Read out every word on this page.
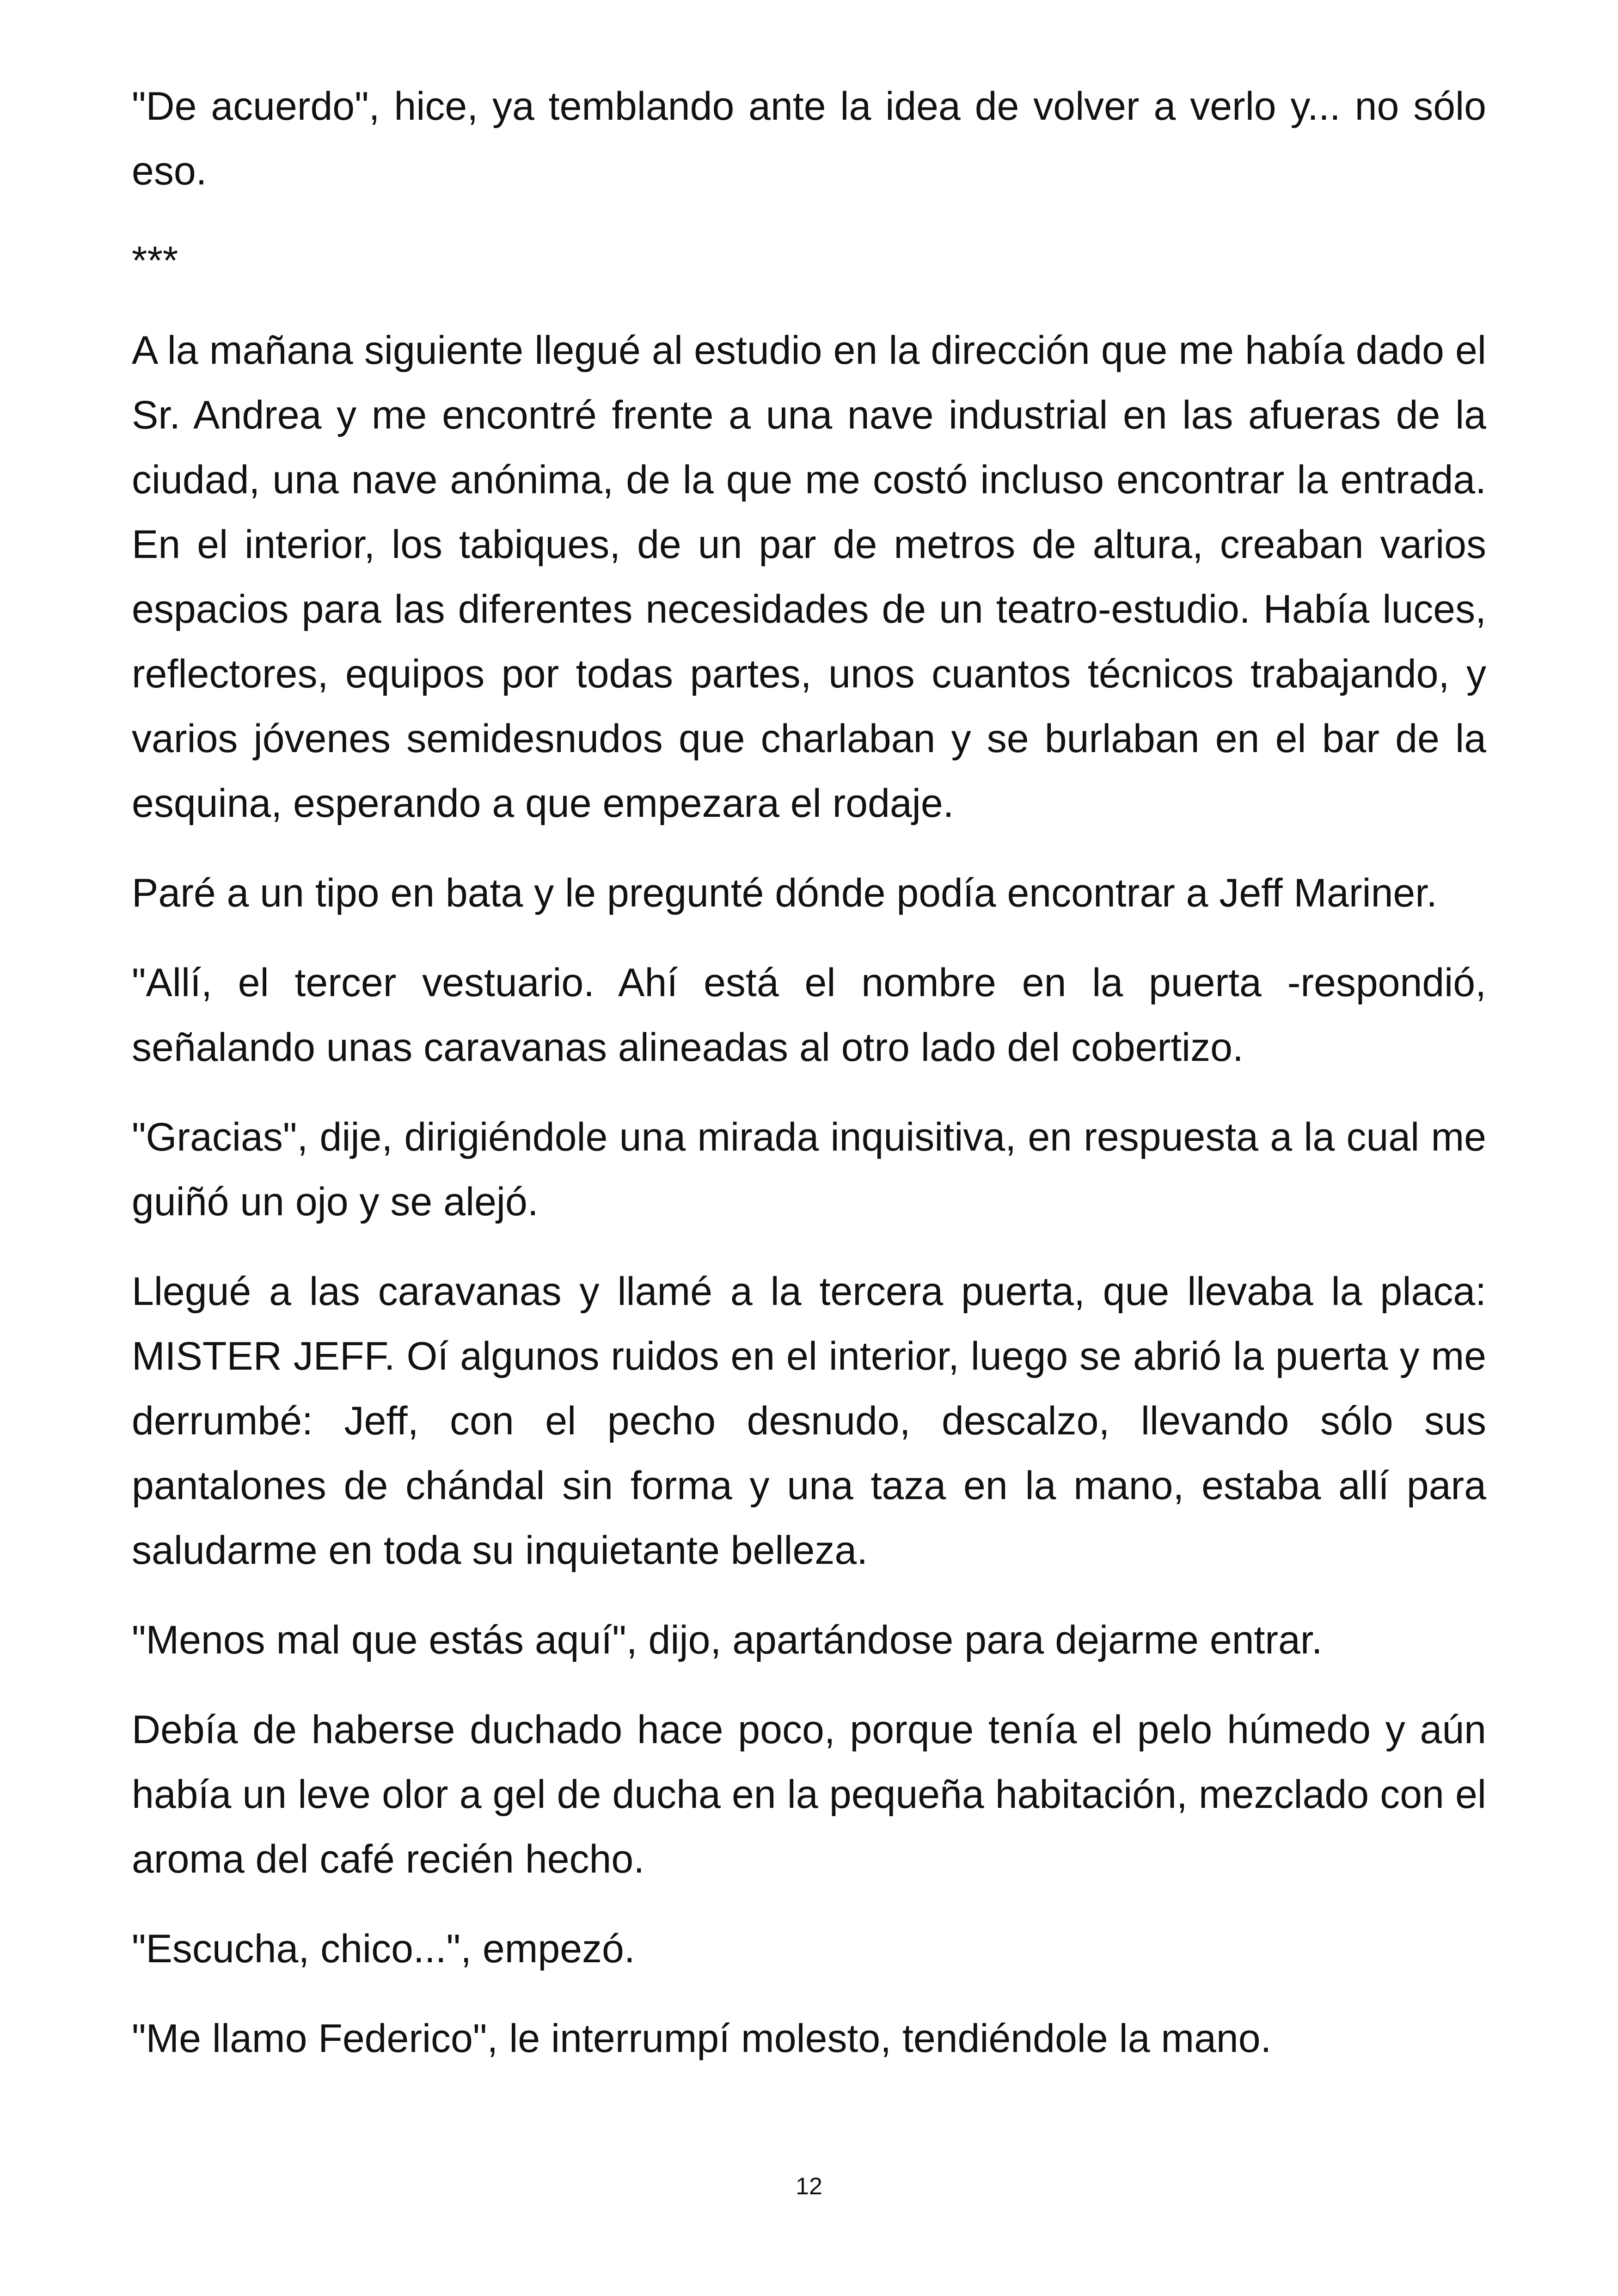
"De acuerdo", hice, ya temblando ante la idea de volver a verlo y... no sólo eso.

***

A la mañana siguiente llegué al estudio en la dirección que me había dado el Sr. Andrea y me encontré frente a una nave industrial en las afueras de la ciudad, una nave anónima, de la que me costó incluso encontrar la entrada. En el interior, los tabiques, de un par de metros de altura, creaban varios espacios para las diferentes necesidades de un teatro-estudio. Había luces, reflectores, equipos por todas partes, unos cuantos técnicos trabajando, y varios jóvenes semidesnudos que charlaban y se burlaban en el bar de la esquina, esperando a que empezara el rodaje.

Paré a un tipo en bata y le pregunté dónde podía encontrar a Jeff Mariner.

"Allí, el tercer vestuario. Ahí está el nombre en la puerta -respondió, señalando unas caravanas alineadas al otro lado del cobertizo.

"Gracias", dije, dirigiéndole una mirada inquisitiva, en respuesta a la cual me guiñó un ojo y se alejó.

Llegué a las caravanas y llamé a la tercera puerta, que llevaba la placa: MISTER JEFF. Oí algunos ruidos en el interior, luego se abrió la puerta y me derrumbé: Jeff, con el pecho desnudo, descalzo, llevando sólo sus pantalones de chándal sin forma y una taza en la mano, estaba allí para saludarme en toda su inquietante belleza.

"Menos mal que estás aquí", dijo, apartándose para dejarme entrar.

Debía de haberse duchado hace poco, porque tenía el pelo húmedo y aún había un leve olor a gel de ducha en la pequeña habitación, mezclado con el aroma del café recién hecho.

"Escucha, chico...", empezó.

"Me llamo Federico", le interrumpí molesto, tendiéndole la mano.

12
